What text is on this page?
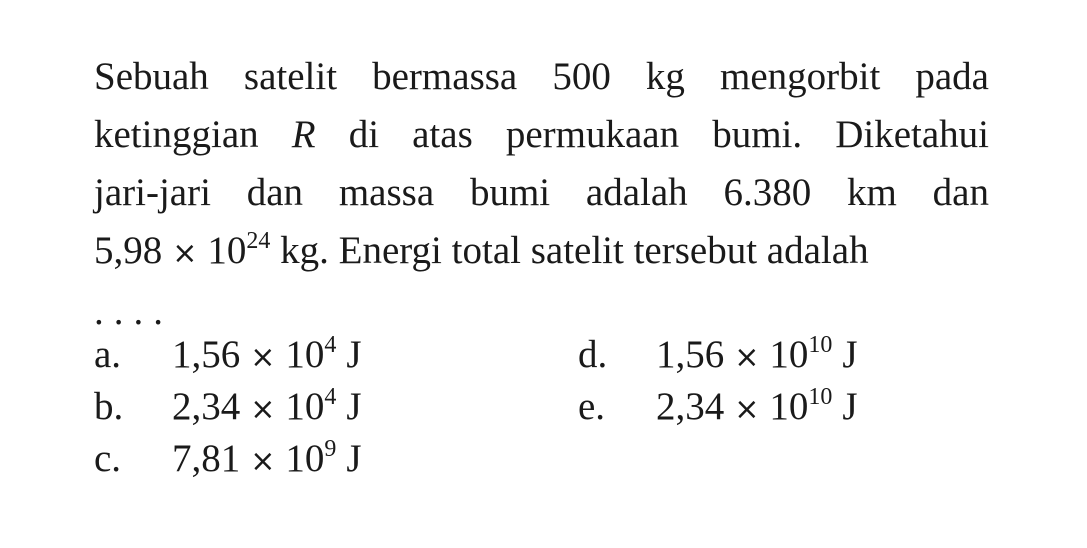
Sebuah satelit bermassa 500 kg mengorbit pada
ketinggian R di atas permukaan bumi. Diketahui
jari-jari dan massa bumi adalah 6.380 km dan
$5,98 \times 10^{24}$ kg. Energi total satelit tersebut adalah
....
a. $1,56 \times 10^4$ J
b. $2,34 \times 10^4$ J
c. $7,81 \times 10^9$ J
d. $1,56 \times 10^{10}$ J
e. $2,34 \times 10^{10}$ J
